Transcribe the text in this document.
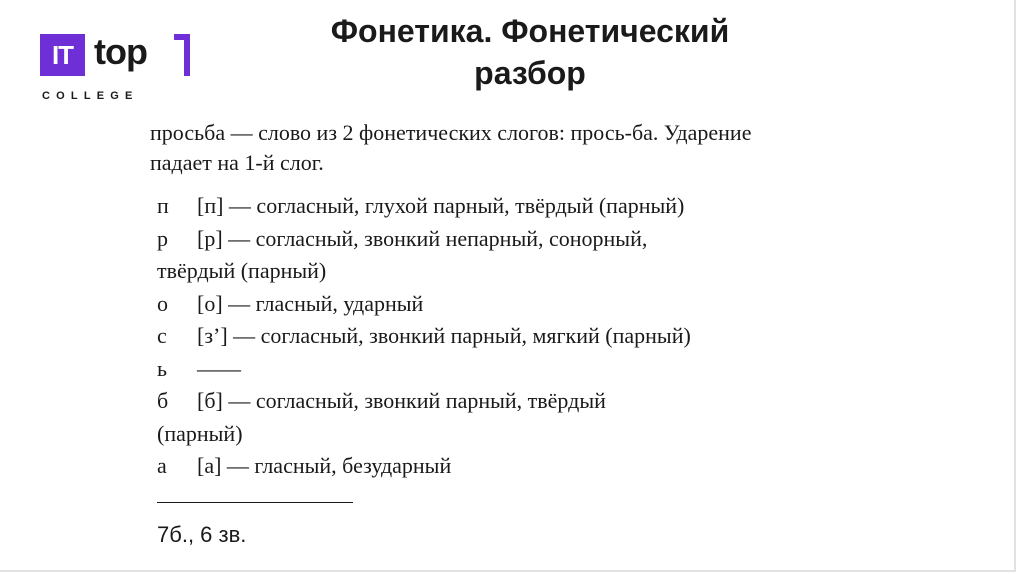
IT top
COLLEGE
Фонетика. Фонетический
разбор
просьба — слово из 2 фонетических слогов: прось-ба. Ударение
падает на 1-й слог.
п [п] — согласный, глухой парный, твёрдый (парный)
р [р] — согласный, звонкий непарный, сонорный,
твёрдый (парный)
о [о] — гласный, ударный
с [з’] — согласный, звонкий парный, мягкий (парный)
ь ——
б [б] — согласный, звонкий парный, твёрдый
(парный)
а [а] — гласный, безударный
7б., 6 зв.
